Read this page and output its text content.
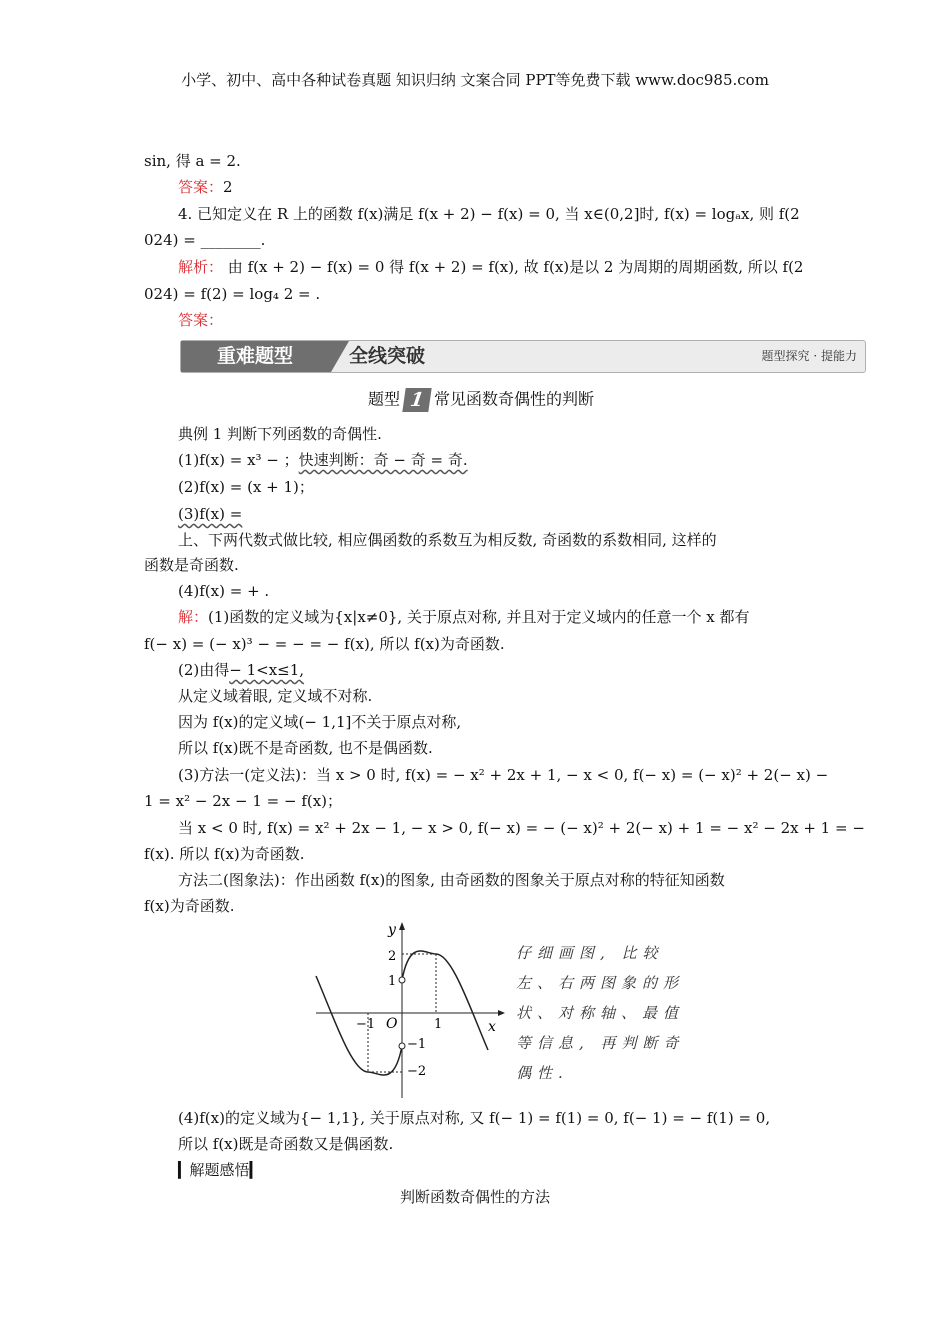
小学、初中、高中各种试卷真题 知识归纳 文案合同 PPT等免费下载 www.doc985.com
sin, 得 a = 2.
答案：2
4. 已知定义在 R 上的函数 f(x)满足 f(x + 2) − f(x) = 0, 当 x∈(0,2]时, f(x) = logₐx, 则 f(2
024) = ________.
解析： 由 f(x + 2) − f(x) = 0 得 f(x + 2) = f(x), 故 f(x)是以 2 为周期的周期函数, 所以 f(2
024) = f(2) = log₄ 2 = .
答案：
重难题型	全线突破	题型探究 · 提能力
题型 1 常见函数奇偶性的判断
典例 1 判断下列函数的奇偶性.
(1)f(x) = x³ − ；快速判断：奇 − 奇 = 奇.
(2)f(x) = (x + 1)；
(3)f(x) =
上、下两代数式做比较, 相应偶函数的系数互为相反数, 奇函数的系数相同, 这样的
函数是奇函数.
(4)f(x) = + .
解：(1)函数的定义域为{x|x≠0}, 关于原点对称, 并且对于定义域内的任意一个 x 都有
f(− x) = (− x)³ − = − = − f(x), 所以 f(x)为奇函数.
(2)由得− 1<x≤1,
从定义域着眼, 定义域不对称.
因为 f(x)的定义域(− 1,1]不关于原点对称,
所以 f(x)既不是奇函数, 也不是偶函数.
(3)方法一(定义法)：当 x > 0 时, f(x) = − x² + 2x + 1, − x < 0, f(− x) = (− x)² + 2(− x) −
1 = x² − 2x − 1 = − f(x)；
当 x < 0 时, f(x) = x² + 2x − 1, − x > 0, f(− x) = − (− x)² + 2(− x) + 1 = − x² − 2x + 1 = −
f(x). 所以 f(x)为奇函数.
方法二(图象法)：作出函数 f(x)的图象, 由奇函数的图象关于原点对称的特征知函数
f(x)为奇函数.
y
x
O
2
1
−1
−2
−1	1
仔细画图, 比较
左、右两图象的形
状、对称轴、最值
等信息, 再判断奇
偶性.
(4)f(x)的定义域为{− 1,1}, 关于原点对称, 又 f(− 1) = f(1) = 0, f(− 1) = − f(1) = 0,
所以 f(x)既是奇函数又是偶函数.
▎解题感悟▎
判断函数奇偶性的方法
